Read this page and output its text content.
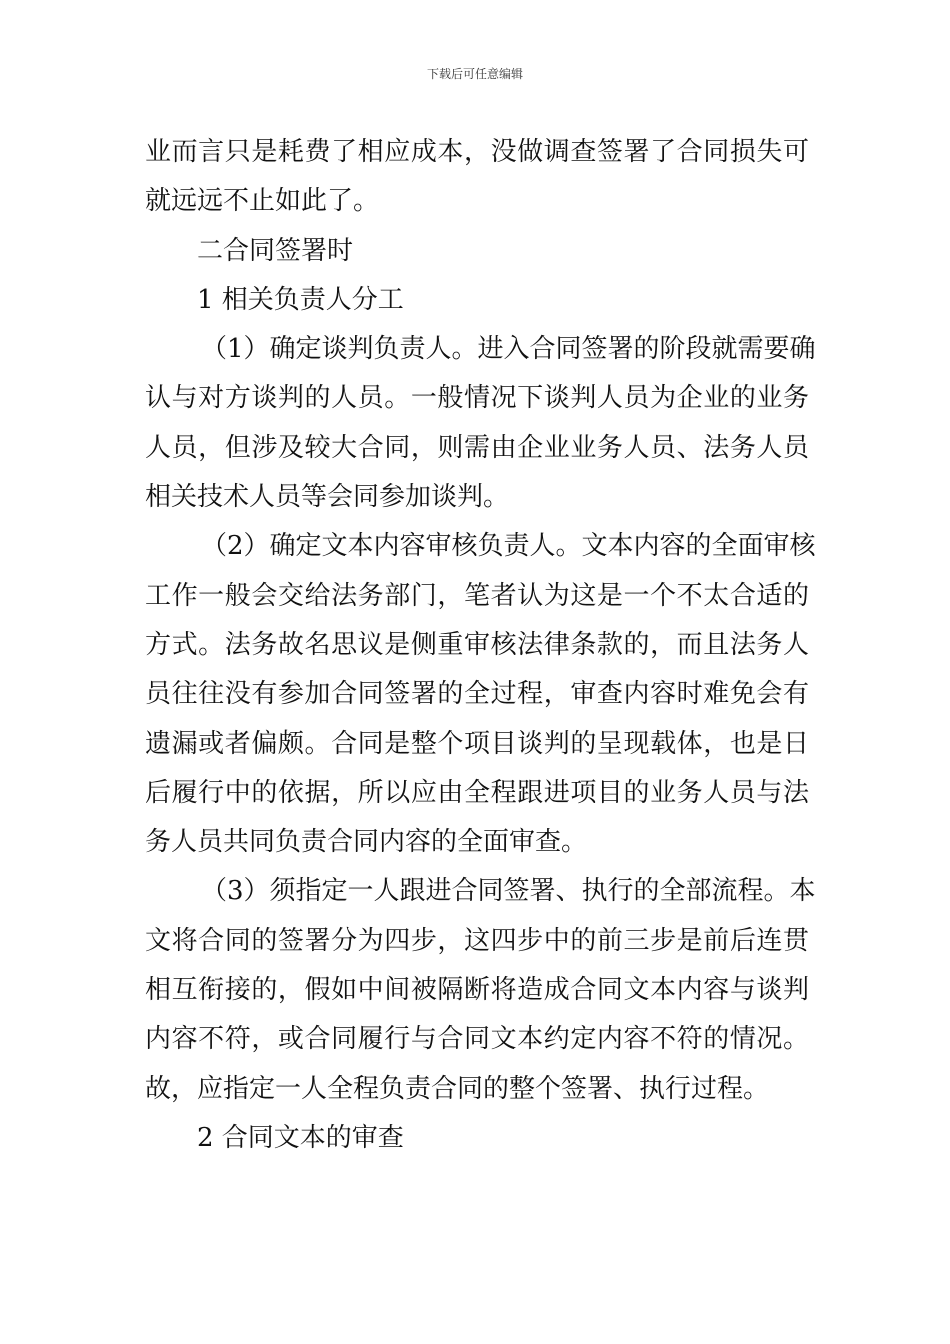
下载后可任意编辑
业而言只是耗费了相应成本，没做调查签署了合同损失可
就远远不止如此了。
二合同签署时
1 相关负责人分工
（1）确定谈判负责人。进入合同签署的阶段就需要确
认与对方谈判的人员。一般情况下谈判人员为企业的业务
人员，但涉及较大合同，则需由企业业务人员、法务人员
相关技术人员等会同参加谈判。
（2）确定文本内容审核负责人。文本内容的全面审核
工作一般会交给法务部门，笔者认为这是一个不太合适的
方式。法务故名思议是侧重审核法律条款的，而且法务人
员往往没有参加合同签署的全过程，审查内容时难免会有
遗漏或者偏颇。合同是整个项目谈判的呈现载体，也是日
后履行中的依据，所以应由全程跟进项目的业务人员与法
务人员共同负责合同内容的全面审查。
（3）须指定一人跟进合同签署、执行的全部流程。本
文将合同的签署分为四步，这四步中的前三步是前后连贯
相互衔接的，假如中间被隔断将造成合同文本内容与谈判
内容不符，或合同履行与合同文本约定内容不符的情况。
故，应指定一人全程负责合同的整个签署、执行过程。
2 合同文本的审查
